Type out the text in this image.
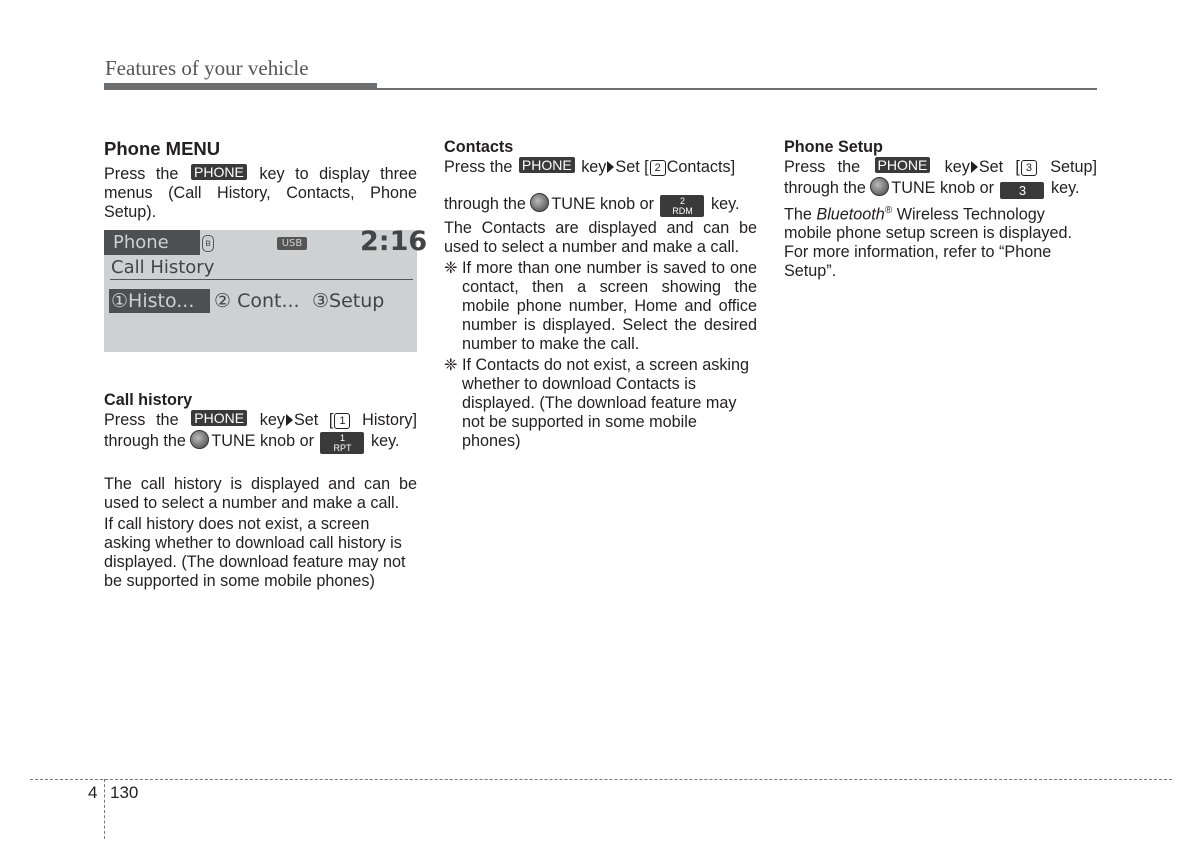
Features of your vehicle
Phone MENU

Press the PHONE key to display three menus (Call History, Contacts, Phone Setup).

Phone	ʙ	USB 2:16
Call History
①Histo...	② Cont... ③Setup
Call history

Press the PHONE key Set [ 1 History] through the TUNE knob or	1
RPT	key.

The call history is displayed and can be used to select a number and make a call.

If call history does not exist, a screen asking whether to download call history is displayed. (The download feature may not be supported in some mobile phones)

Contacts

Press the PHONE key Set [ 2 Contacts]

through the TUNE knob or	2
RDM	key.

The Contacts are displayed and can be used to select a number and make a call.

❈ If more than one number is saved to one contact, then a screen showing the mobile phone number, Home and office number is displayed. Select the desired number to make the call.
❈ If Contacts do not exist, a screen asking whether to download Contacts is displayed. (The download feature may not be supported in some mobile phones)
Phone Setup

Press the PHONE key Set [ 3 Setup] through the TUNE knob or 3 key.

The Bluetooth® Wireless Technology mobile phone setup screen is displayed. For more information, refer to “Phone Setup”.

4 130
